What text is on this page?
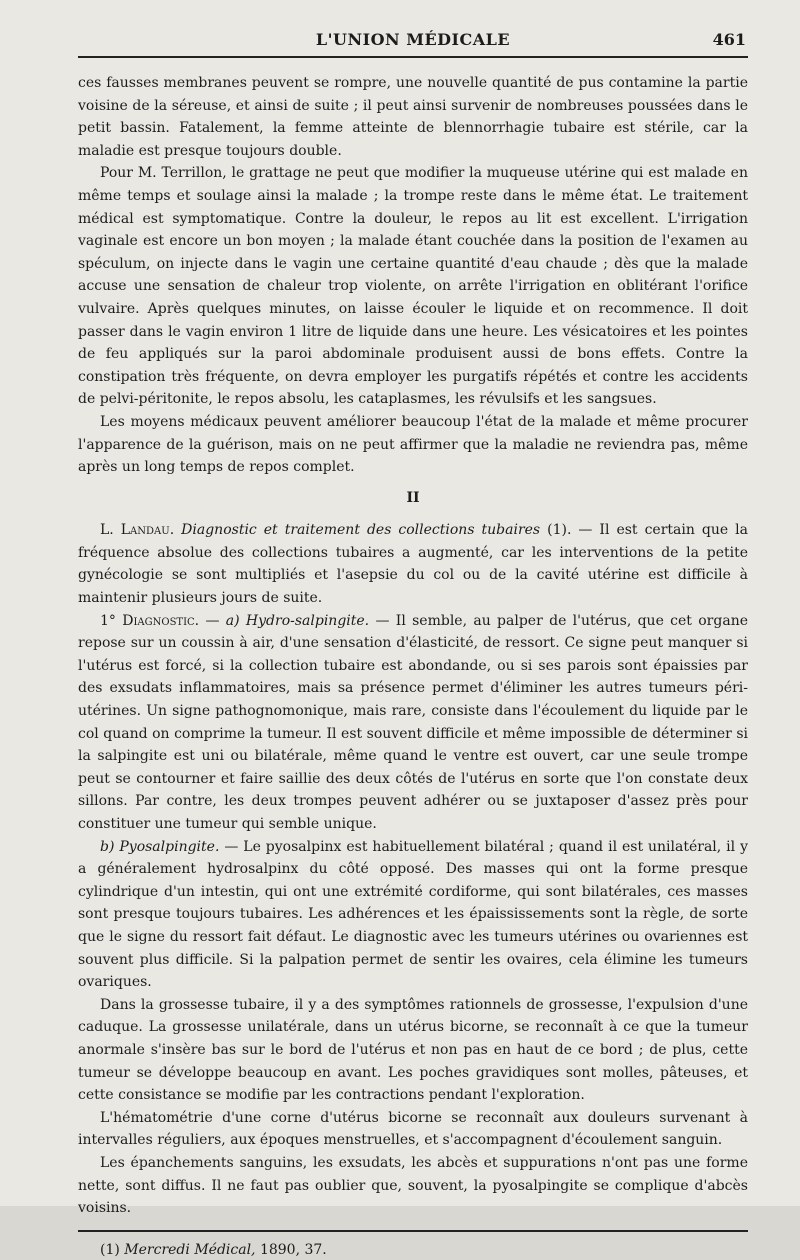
L'UNION MÉDICALE	461

ces fausses membranes peuvent se rompre, une nouvelle quantité de pus contamine la partie voisine de la séreuse, et ainsi de suite ; il peut ainsi survenir de nombreuses poussées dans le petit bassin. Fatalement, la femme atteinte de blennorrhagie tubaire est stérile, car la maladie est presque toujours double.

Pour M. Terrillon, le grattage ne peut que modifier la muqueuse utérine qui est malade en même temps et soulage ainsi la malade ; la trompe reste dans le même état. Le traitement médical est symptomatique. Contre la douleur, le repos au lit est excellent. L'irrigation vaginale est encore un bon moyen ; la malade étant couchée dans la position de l'examen au spéculum, on injecte dans le vagin une certaine quantité d'eau chaude ; dès que la malade accuse une sensation de chaleur trop violente, on arrête l'irrigation en oblitérant l'orifice vulvaire. Après quelques minutes, on laisse écouler le liquide et on recommence. Il doit passer dans le vagin environ 1 litre de liquide dans une heure. Les vésicatoires et les pointes de feu appliqués sur la paroi abdominale produisent aussi de bons effets. Contre la constipation très fréquente, on devra employer les purgatifs répétés et contre les accidents de pelvi-péritonite, le repos absolu, les cataplasmes, les révulsifs et les sangsues.

Les moyens médicaux peuvent améliorer beaucoup l'état de la malade et même procurer l'apparence de la guérison, mais on ne peut affirmer que la maladie ne reviendra pas, même après un long temps de repos complet.

II

L. Landau. Diagnostic et traitement des collections tubaires (1). — Il est certain que la fréquence absolue des collections tubaires a augmenté, car les interventions de la petite gynécologie se sont multipliés et l'asepsie du col ou de la cavité utérine est difficile à maintenir plusieurs jours de suite.

1° Diagnostic. — a) Hydro-salpingite. — Il semble, au palper de l'utérus, que cet organe repose sur un coussin à air, d'une sensation d'élasticité, de ressort. Ce signe peut manquer si l'utérus est forcé, si la collection tubaire est abondande, ou si ses parois sont épaissies par des exsudats inflammatoires, mais sa présence permet d'éliminer les autres tumeurs péri-utérines. Un signe pathognomonique, mais rare, consiste dans l'écoulement du liquide par le col quand on comprime la tumeur. Il est souvent difficile et même impossible de déterminer si la salpingite est uni ou bilatérale, même quand le ventre est ouvert, car une seule trompe peut se contourner et faire saillie des deux côtés de l'utérus en sorte que l'on constate deux sillons. Par contre, les deux trompes peuvent adhérer ou se juxtaposer d'assez près pour constituer une tumeur qui semble unique.

b) Pyosalpingite. — Le pyosalpinx est habituellement bilatéral ; quand il est unilatéral, il y a généralement hydrosalpinx du côté opposé. Des masses qui ont la forme presque cylindrique d'un intestin, qui ont une extrémité cordiforme, qui sont bilatérales, ces masses sont presque toujours tubaires. Les adhérences et les épaississements sont la règle, de sorte que le signe du ressort fait défaut. Le diagnostic avec les tumeurs utérines ou ovariennes est souvent plus difficile. Si la palpation permet de sentir les ovaires, cela élimine les tumeurs ovariques.

Dans la grossesse tubaire, il y a des symptômes rationnels de grossesse, l'expulsion d'une caduque. La grossesse unilatérale, dans un utérus bicorne, se reconnaît à ce que la tumeur anormale s'insère bas sur le bord de l'utérus et non pas en haut de ce bord ; de plus, cette tumeur se développe beaucoup en avant. Les poches gravidiques sont molles, pâteuses, et cette consistance se modifie par les contractions pendant l'exploration.

L'hématométrie d'une corne d'utérus bicorne se reconnaît aux douleurs survenant à intervalles réguliers, aux époques menstruelles, et s'accompagnent d'écoulement sanguin.

Les épanchements sanguins, les exsudats, les abcès et suppurations n'ont pas une forme nette, sont diffus. Il ne faut pas oublier que, souvent, la pyosalpingite se complique d'abcès voisins.

(1) Mercredi Médical, 1890, 37.
